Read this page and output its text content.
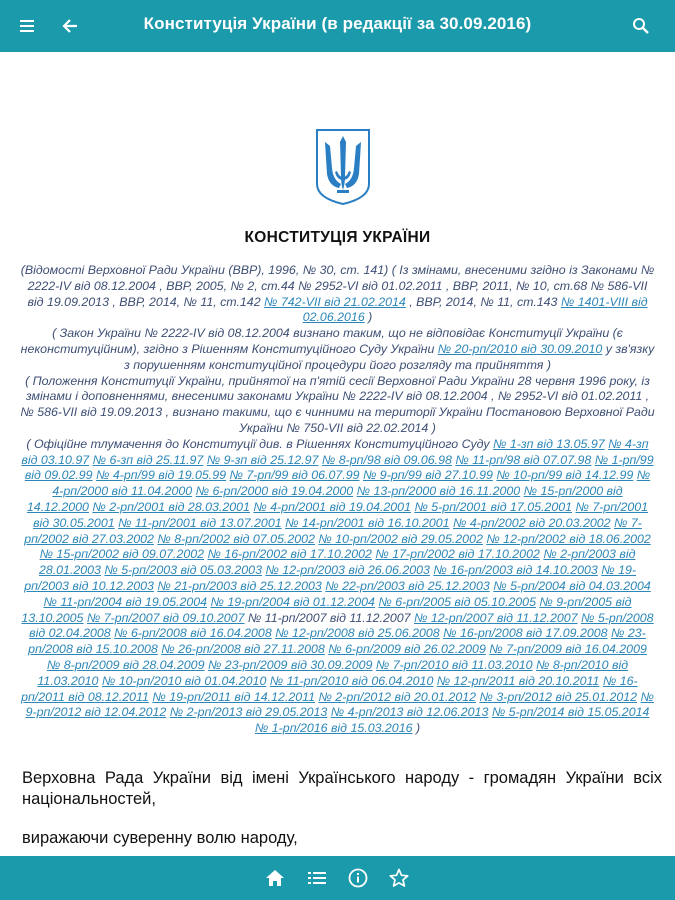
Конституція України (в редакції за 30.09.2016)
КОНСТИТУЦІЯ УКРАЇНИ

(Відомості Верховної Ради України (ВВР), 1996, № 30, ст. 141) ( Із змінами, внесеними згідно із Законами № 2222-IV від 08.12.2004 , ВВР, 2005, № 2, ст.44 № 2952-VI від 01.02.2011 , ВВР, 2011, № 10, ст.68 № 586-VII від 19.09.2013 , ВВР, 2014, № 11, ст.142 № 742-VII від 21.02.2014 , ВВР, 2014, № 11, ст.143 № 1401-VIII від 02.06.2016 )

( Закон України № 2222-IV від 08.12.2004 визнано таким, що не відповідає Конституції України (є неконституційним), згідно з Рішенням Конституційного Суду України № 20-рп/2010 від 30.09.2010 у зв'язку з порушенням конституційної процедури його розгляду та прийняття )

( Положення Конституції України, прийнятої на п'ятій сесії Верховної Ради України 28 червня 1996 року, із змінами і доповненнями, внесеними законами України № 2222-IV від 08.12.2004 , № 2952-VI від 01.02.2011 , № 586-VII від 19.09.2013 , визнано такими, що є чинними на території України Постановою Верховної Ради України № 750-VII від 22.02.2014 )

( Офіційне тлумачення до Конституції див. в Рішеннях Конституційного Суду № 1-зп від 13.05.97 № 4-зп від 03.10.97 № 6-зп від 25.11.97 № 9-зп від 25.12.97 № 8-рп/98 від 09.06.98 № 11-рп/98 від 07.07.98 № 1-рп/99 від 09.02.99 № 4-рп/99 від 19.05.99 № 7-рп/99 від 06.07.99 № 9-рп/99 від 27.10.99 № 10-рп/99 від 14.12.99 № 4-рп/2000 від 11.04.2000 № 6-рп/2000 від 19.04.2000 № 13-рп/2000 від 16.11.2000 № 15-рп/2000 від 14.12.2000 № 2-рп/2001 від 28.03.2001 № 4-рп/2001 від 19.04.2001 № 5-рп/2001 від 17.05.2001 № 7-рп/2001 від 30.05.2001 № 11-рп/2001 від 13.07.2001 № 14-рп/2001 від 16.10.2001 № 4-рп/2002 від 20.03.2002 № 7-рп/2002 від 27.03.2002 № 8-рп/2002 від 07.05.2002 № 10-рп/2002 від 29.05.2002 № 12-рп/2002 від 18.06.2002 № 15-рп/2002 від 09.07.2002 № 16-рп/2002 від 17.10.2002 № 17-рп/2002 від 17.10.2002 № 2-рп/2003 від 28.01.2003 № 5-рп/2003 від 05.03.2003 № 12-рп/2003 від 26.06.2003 № 16-рп/2003 від 14.10.2003 № 19-рп/2003 від 10.12.2003 № 21-рп/2003 від 25.12.2003 № 22-рп/2003 від 25.12.2003 № 5-рп/2004 від 04.03.2004 № 11-рп/2004 від 19.05.2004 № 19-рп/2004 від 01.12.2004 № 6-рп/2005 від 05.10.2005 № 9-рп/2005 від 13.10.2005 № 7-рп/2007 від 09.10.2007 № 11-рп/2007 від 11.12.2007 № 12-рп/2007 від 11.12.2007 № 5-рп/2008 від 02.04.2008 № 6-рп/2008 від 16.04.2008 № 12-рп/2008 від 25.06.2008 № 16-рп/2008 від 17.09.2008 № 23-рп/2008 від 15.10.2008 № 26-рп/2008 від 27.11.2008 № 6-рп/2009 від 26.02.2009 № 7-рп/2009 від 16.04.2009 № 8-рп/2009 від 28.04.2009 № 23-рп/2009 від 30.09.2009 № 7-рп/2010 від 11.03.2010 № 8-рп/2010 від 11.03.2010 № 10-рп/2010 від 01.04.2010 № 11-рп/2010 від 06.04.2010 № 12-рп/2011 від 20.10.2011 № 16-рп/2011 від 08.12.2011 № 19-рп/2011 від 14.12.2011 № 2-рп/2012 від 20.01.2012 № 3-рп/2012 від 25.01.2012 № 9-рп/2012 від 12.04.2012 № 2-рп/2013 від 29.05.2013 № 4-рп/2013 від 12.06.2013 № 5-рп/2014 від 15.05.2014 № 1-рп/2016 від 15.03.2016 )

Верховна Рада України від імені Українського народу - громадян України всіх національностей,
виражаючи суверенну волю народу,
